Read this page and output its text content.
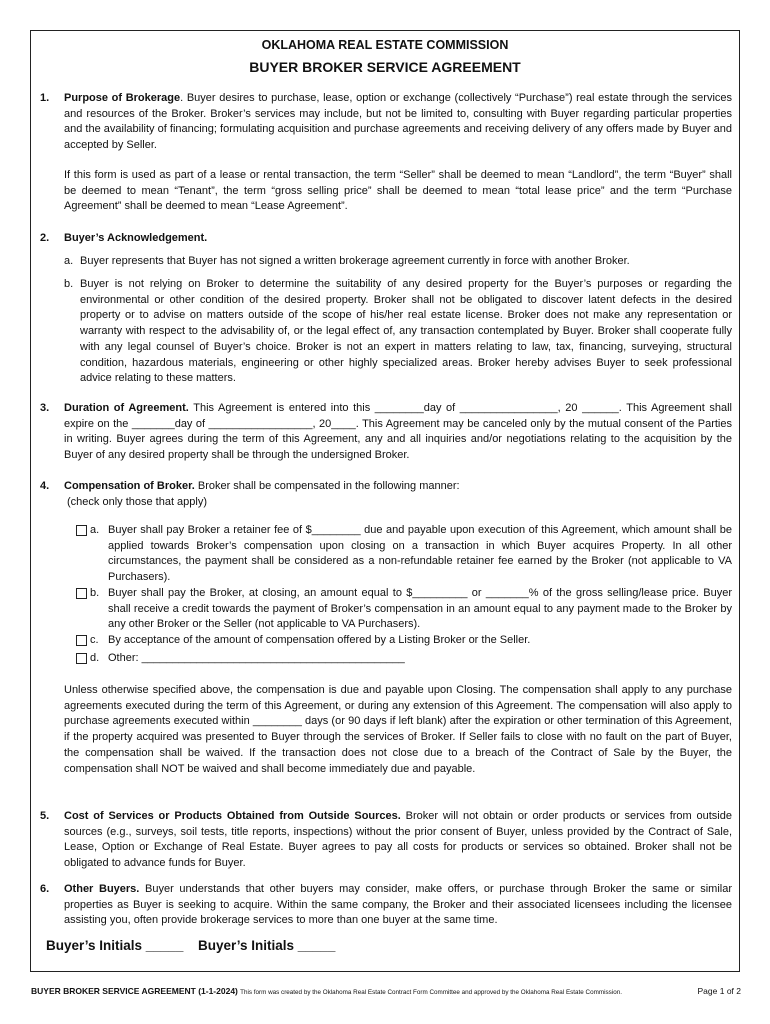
OKLAHOMA REAL ESTATE COMMISSION
BUYER BROKER SERVICE AGREEMENT
1. Purpose of Brokerage. Buyer desires to purchase, lease, option or exchange (collectively “Purchase”) real estate through the services and resources of the Broker. Broker’s services may include, but not be limited to, consulting with Buyer regarding particular properties and the availability of financing; formulating acquisition and purchase agreements and receiving delivery of any offers made by Buyer and accepted by Seller.

If this form is used as part of a lease or rental transaction, the term “Seller” shall be deemed to mean “Landlord”, the term “Buyer” shall be deemed to mean “Tenant”, the term “gross selling price” shall be deemed to mean “total lease price” and the term “Purchase Agreement” shall be deemed to mean “Lease Agreement”.

2. Buyer’s Acknowledgement.

a. Buyer represents that Buyer has not signed a written brokerage agreement currently in force with another Broker.
b. Buyer is not relying on Broker to determine the suitability of any desired property for the Buyer’s purposes or regarding the environmental or other condition of the desired property. Broker shall not be obligated to discover latent defects in the desired property or to advise on matters outside of the scope of his/her real estate license. Broker does not make any representation or warranty with respect to the advisability of, or the legal effect of, any transaction contemplated by Buyer. Broker shall cooperate fully with any legal counsel of Buyer’s choice. Broker is not an expert in matters relating to law, tax, financing, surveying, structural condition, hazardous materials, engineering or other highly specialized areas. Broker hereby advises Buyer to seek professional advice relating to these matters.
3. Duration of Agreement. This Agreement is entered into this ________day of ________________, 20 ______. This Agreement shall expire on the _______day of _________________, 20____. This Agreement may be canceled only by the mutual consent of the Parties in writing. Buyer agrees during the term of this Agreement, any and all inquiries and/or negotiations relating to the acquisition by the Buyer of any desired property shall be through the undersigned Broker.

4. Compensation of Broker. Broker shall be compensated in the following manner:

(check only those that apply)

a. Buyer shall pay Broker a retainer fee of $________ due and payable upon execution of this Agreement, which amount shall be applied towards Broker’s compensation upon closing on a transaction in which Buyer acquires Property. In all other circumstances, the payment shall be considered as a non-refundable retainer fee earned by the Broker (not applicable to VA Purchasers).
b. Buyer shall pay the Broker, at closing, an amount equal to $_________ or _______% of the gross selling/lease price. Buyer shall receive a credit towards the payment of Broker’s compensation in an amount equal to any payment made to the Broker by any other Broker or the Seller (not applicable to VA Purchasers).
c. By acceptance of the amount of compensation offered by a Listing Broker or the Seller.
d. Other: ___________________________________________

Unless otherwise specified above, the compensation is due and payable upon Closing. The compensation shall apply to any purchase agreements executed during the term of this Agreement, or during any extension of this Agreement. The compensation will also apply to purchase agreements executed within ________ days (or 90 days if left blank) after the expiration or other termination of this Agreement, if the property acquired was presented to Buyer through the services of Broker. If Seller fails to close with no fault on the part of Buyer, the compensation shall be waived. If the transaction does not close due to a breach of the Contract of Sale by the Buyer, the compensation shall NOT be waived and shall become immediately due and payable.

5. Cost of Services or Products Obtained from Outside Sources. Broker will not obtain or order products or services from outside sources (e.g., surveys, soil tests, title reports, inspections) without the prior consent of Buyer, unless provided by the Contract of Sale, Lease, Option or Exchange of Real Estate. Buyer agrees to pay all costs for products or services so obtained. Broker shall not be obligated to advance funds for Buyer.

6. Other Buyers. Buyer understands that other buyers may consider, make offers, or purchase through Broker the same or similar properties as Buyer is seeking to acquire. Within the same company, the Broker and their associated licensees including the licensee assisting you, often provide brokerage services to more than one buyer at the same time.

Buyer’s Initials _____ Buyer’s Initials _____
BUYER BROKER SERVICE AGREEMENT (1-1-2024) This form was created by the Oklahoma Real Estate Contract Form Committee and approved by the Oklahoma Real Estate Commission.	Page 1 of 2
